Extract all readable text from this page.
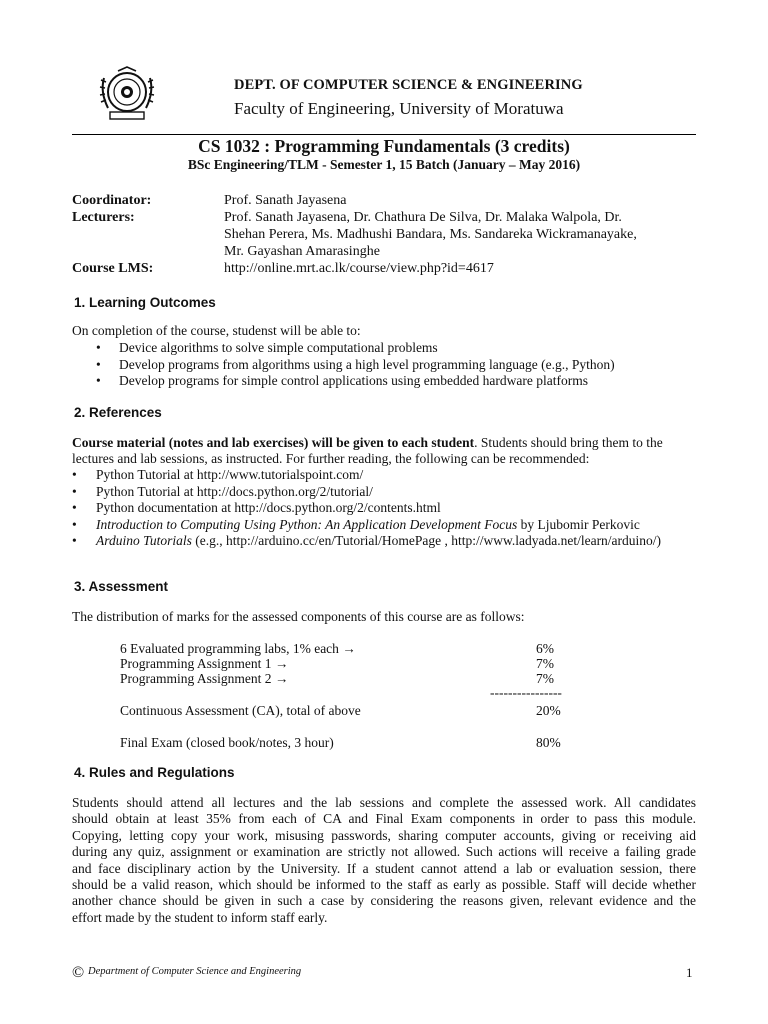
DEPT. OF COMPUTER SCIENCE & ENGINEERING
Faculty of Engineering, University of Moratuwa
CS 1032 : Programming Fundamentals (3 credits)
BSc Engineering/TLM - Semester 1, 15 Batch (January – May 2016)
Coordinator:	Prof. Sanath Jayasena
Lecturers:	Prof. Sanath Jayasena, Dr. Chathura De Silva, Dr. Malaka Walpola, Dr.
Shehan Perera, Ms. Madhushi Bandara, Ms. Sandareka Wickramanayake,
Mr. Gayashan Amarasinghe
Course LMS:	http://online.mrt.ac.lk/course/view.php?id=4617
1. Learning Outcomes
On completion of the course, studenst will be able to:
• Device algorithms to solve simple computational problems
• Develop programs from algorithms using a high level programming language (e.g., Python)
• Develop programs for simple control applications using embedded hardware platforms
2. References
Course material (notes and lab exercises) will be given to each student. Students should bring them to the
lectures and lab sessions, as instructed. For further reading, the following can be recommended:
• Python Tutorial at http://www.tutorialspoint.com/
• Python Tutorial at http://docs.python.org/2/tutorial/
• Python documentation at http://docs.python.org/2/contents.html
• Introduction to Computing Using Python: An Application Development Focus by Ljubomir Perkovic
• Arduino Tutorials (e.g., http://arduino.cc/en/Tutorial/HomePage , http://www.ladyada.net/learn/arduino/)
3. Assessment
The distribution of marks for the assessed components of this course are as follows:
6 Evaluated programming labs, 1% each →	6%
Programming Assignment 1 →	7%
Programming Assignment 2 →	7%
----------------
Continuous Assessment (CA), total of above	20%
Final Exam (closed book/notes, 3 hour)	80%
4. Rules and Regulations
Students should attend all lectures and the lab sessions and complete the assessed work. All candidates
should obtain at least 35% from each of CA and Final Exam components in order to pass this module.
Copying, letting copy your work, misusing passwords, sharing computer accounts, giving or receiving aid
during any quiz, assignment or examination are strictly not allowed. Such actions will receive a failing grade
and face disciplinary action by the University. If a student cannot attend a lab or evaluation session, there
should be a valid reason, which should be informed to the staff as early as possible. Staff will decide whether
another chance should be given in such a case by considering the reasons given, relevant evidence and the
effort made by the student to inform staff early.
© Department of Computer Science and Engineering	1
